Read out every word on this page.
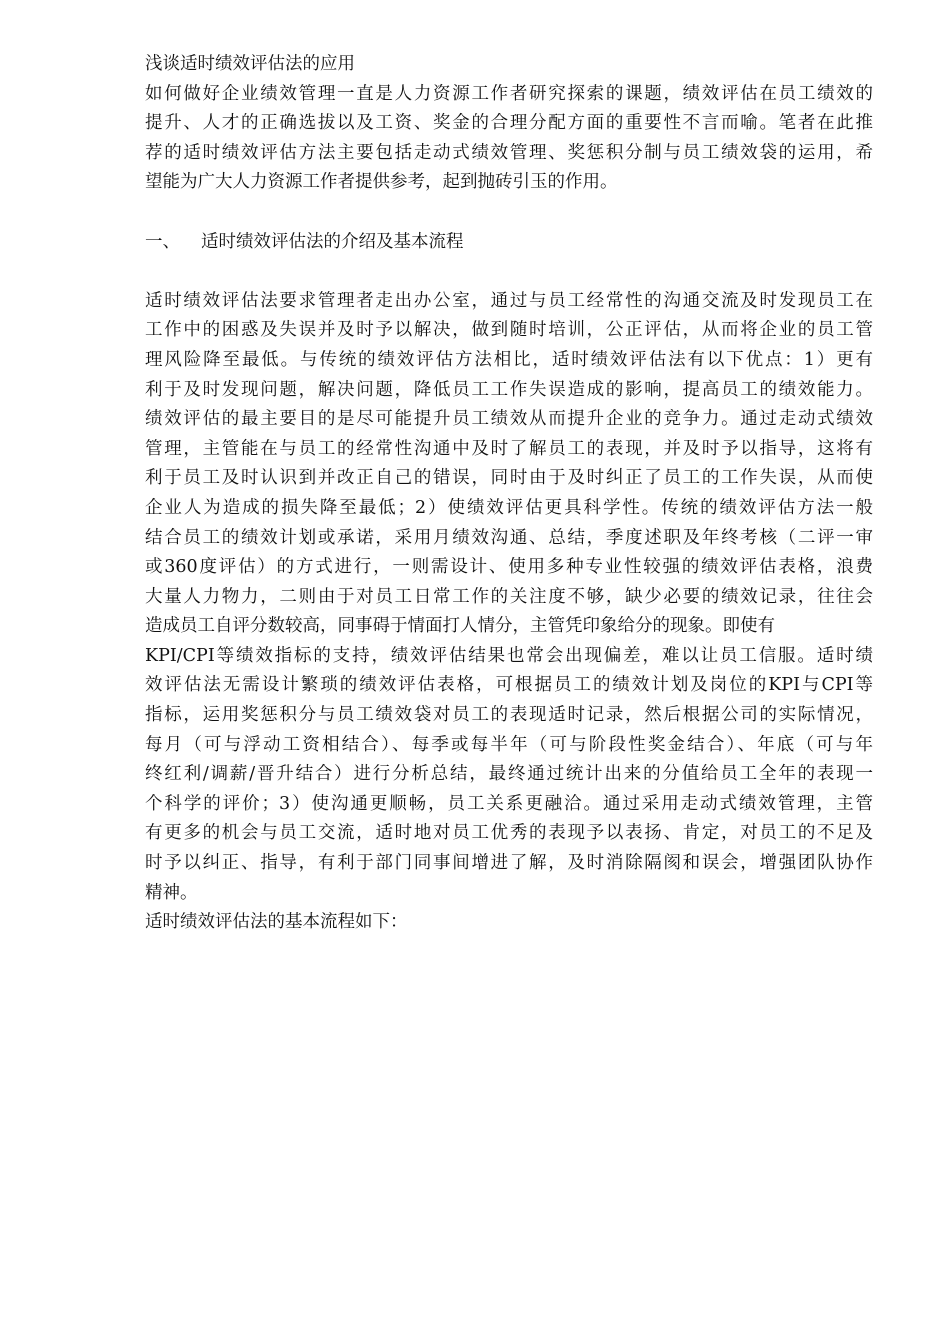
浅谈适时绩效评估法的应用
如何做好企业绩效管理一直是人力资源工作者研究探索的课题，绩效评估在员工绩效的
提升、人才的正确选拔以及工资、奖金的合理分配方面的重要性不言而喻。笔者在此推
荐的适时绩效评估方法主要包括走动式绩效管理、奖惩积分制与员工绩效袋的运用，希
望能为广大人力资源工作者提供参考，起到抛砖引玉的作用。
一、	适时绩效评估法的介绍及基本流程
适时绩效评估法要求管理者走出办公室，通过与员工经常性的沟通交流及时发现员工在
工作中的困惑及失误并及时予以解决，做到随时培训，公正评估，从而将企业的员工管
理风险降至最低。与传统的绩效评估方法相比，适时绩效评估法有以下优点：1）更有
利于及时发现问题，解决问题，降低员工工作失误造成的影响，提高员工的绩效能力。
绩效评估的最主要目的是尽可能提升员工绩效从而提升企业的竞争力。通过走动式绩效
管理，主管能在与员工的经常性沟通中及时了解员工的表现，并及时予以指导，这将有
利于员工及时认识到并改正自己的错误，同时由于及时纠正了员工的工作失误，从而使
企业人为造成的损失降至最低；2）使绩效评估更具科学性。传统的绩效评估方法一般
结合员工的绩效计划或承诺，采用月绩效沟通、总结，季度述职及年终考核（二评一审
或360度评估）的方式进行，一则需设计、使用多种专业性较强的绩效评估表格，浪费
大量人力物力，二则由于对员工日常工作的关注度不够，缺少必要的绩效记录，往往会
造成员工自评分数较高，同事碍于情面打人情分，主管凭印象给分的现象。即使有
KPI/CPI等绩效指标的支持，绩效评估结果也常会出现偏差，难以让员工信服。适时绩
效评估法无需设计繁琐的绩效评估表格，可根据员工的绩效计划及岗位的KPI与CPI等
指标，运用奖惩积分与员工绩效袋对员工的表现适时记录，然后根据公司的实际情况，
每月（可与浮动工资相结合）、每季或每半年（可与阶段性奖金结合）、年底（可与年
终红利/调薪/晋升结合）进行分析总结，最终通过统计出来的分值给员工全年的表现一
个科学的评价；3）使沟通更顺畅，员工关系更融洽。通过采用走动式绩效管理，主管
有更多的机会与员工交流，适时地对员工优秀的表现予以表扬、肯定，对员工的不足及
时予以纠正、指导，有利于部门同事间增进了解，及时消除隔阂和误会，增强团队协作
精神。
适时绩效评估法的基本流程如下：
